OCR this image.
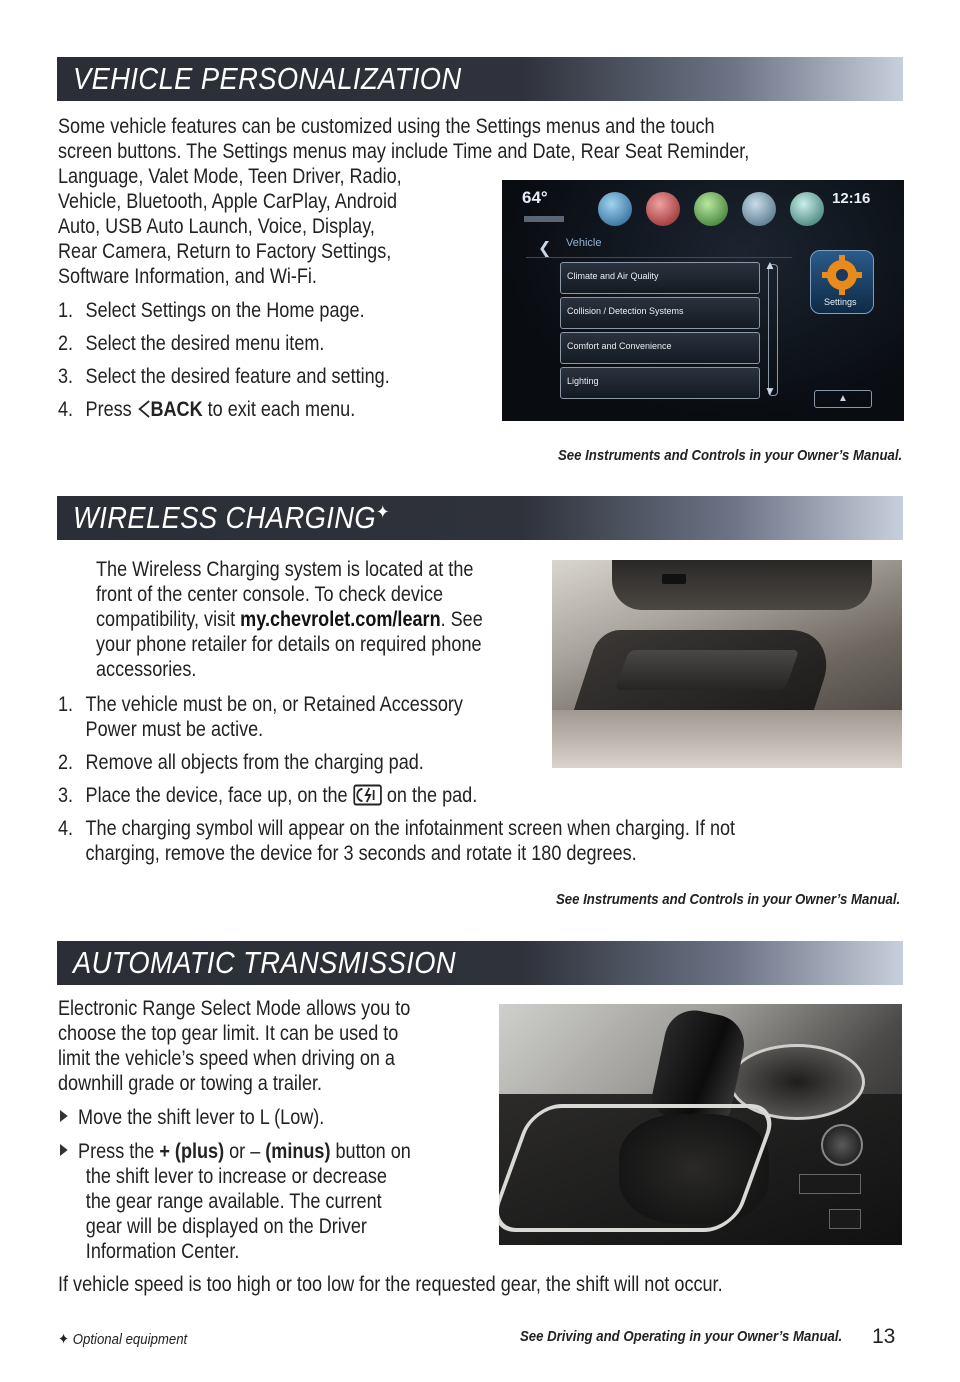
VEHICLE PERSONALIZATION
Some vehicle features can be customized using the Settings menus and the touch
screen buttons. The Settings menus may include Time and Date, Rear Seat Reminder,
Language, Valet Mode, Teen Driver, Radio,
Vehicle, Bluetooth, Apple CarPlay, Android
Auto, USB Auto Launch, Voice, Display,
Rear Camera, Return to Factory Settings,
Software Information, and Wi-Fi.
1. Select Settings on the Home page.
2. Select the desired menu item.
3. Select the desired feature and setting.
4. Press BACK to exit each menu.
64°	12:16
❮ Vehicle
Climate and Air Quality
Collision / Detection Systems
Comfort and Convenience
Lighting
▲
▼
Settings
▲
See Instruments and Controls in your Owner’s Manual.
WIRELESS CHARGING✦
The Wireless Charging system is located at the
front of the center console. To check device
compatibility, visit my.chevrolet.com/learn. See
your phone retailer for details on required phone
accessories.
1. The vehicle must be on, or Retained Accessory
Power must be active.
2. Remove all objects from the charging pad.
3. Place the device, face up, on the  on the pad.
4. The charging symbol will appear on the infotainment screen when charging. If not
charging, remove the device for 3 seconds and rotate it 180 degrees.
See Instruments and Controls in your Owner’s Manual.
AUTOMATIC TRANSMISSION
Electronic Range Select Mode allows you to
choose the top gear limit. It can be used to
limit the vehicle’s speed when driving on a
downhill grade or towing a trailer.
Move the shift lever to L (Low).
Press the + (plus) or – (minus) button on
the shift lever to increase or decrease
the gear range available. The current
gear will be displayed on the Driver
Information Center.
If vehicle speed is too high or too low for the requested gear, the shift will not occur.
See Driving and Operating in your Owner’s Manual.
✦ Optional equipment	13
